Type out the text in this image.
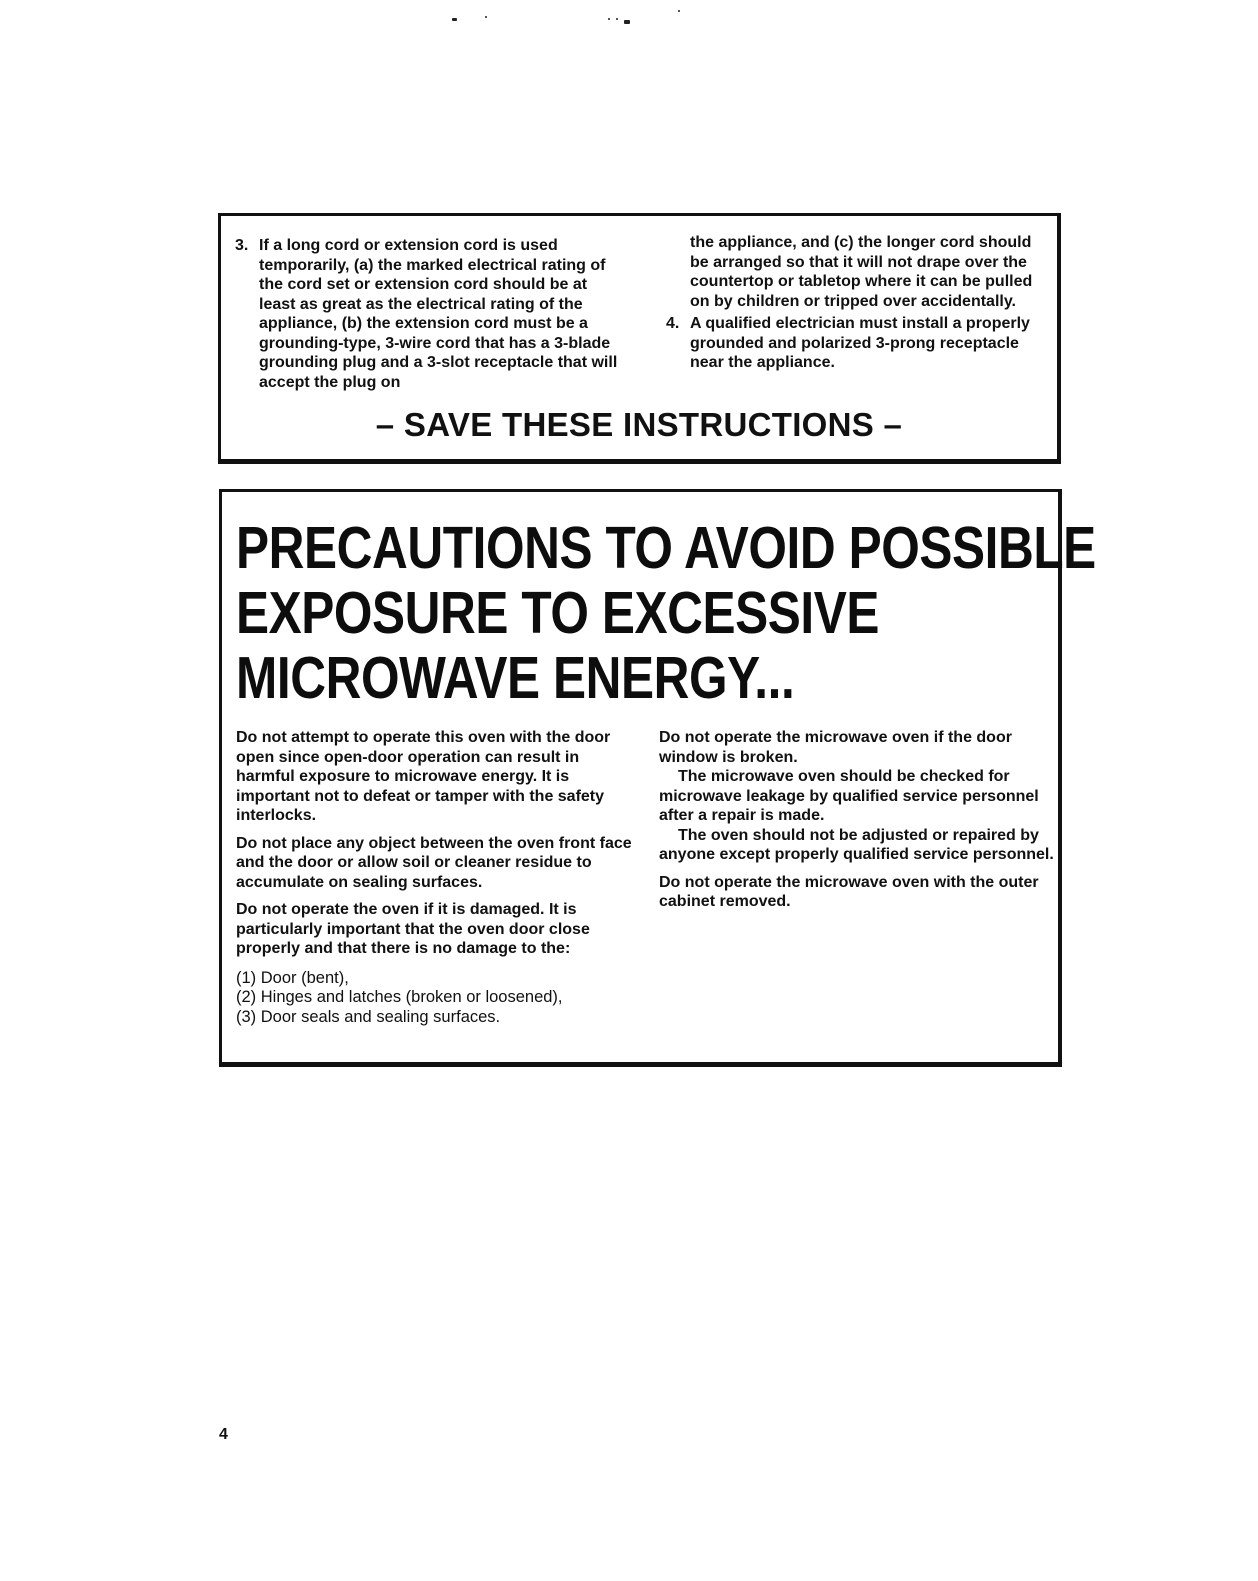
3. If a long cord or extension cord is used temporarily, (a) the marked electrical rating of the cord set or extension cord should be at least as great as the electrical rating of the appliance, (b) the extension cord must be a grounding-type, 3-wire cord that has a 3-blade grounding plug and a 3-slot receptacle that will accept the plug on
the appliance, and (c) the longer cord should be arranged so that it will not drape over the countertop or tabletop where it can be pulled on by children or tripped over accidentally.
4. A qualified electrician must install a properly grounded and polarized 3-prong receptacle near the appliance.
– SAVE THESE INSTRUCTIONS –
PRECAUTIONS TO AVOID POSSIBLE
EXPOSURE TO EXCESSIVE
MICROWAVE ENERGY...

Do not attempt to operate this oven with the door open since open-door operation can result in harmful exposure to microwave energy. It is important not to defeat or tamper with the safety interlocks.

Do not place any object between the oven front face and the door or allow soil or cleaner residue to accumulate on sealing surfaces.

Do not operate the oven if it is damaged. It is particularly important that the oven door close properly and that there is no damage to the:

(1) Door (bent),
(2) Hinges and latches (broken or loosened),
(3) Door seals and sealing surfaces.

Do not operate the microwave oven if the door window is broken.

The microwave oven should be checked for microwave leakage by qualified service personnel after a repair is made.

The oven should not be adjusted or repaired by anyone except properly qualified service personnel.

Do not operate the microwave oven with the outer cabinet removed.

4
